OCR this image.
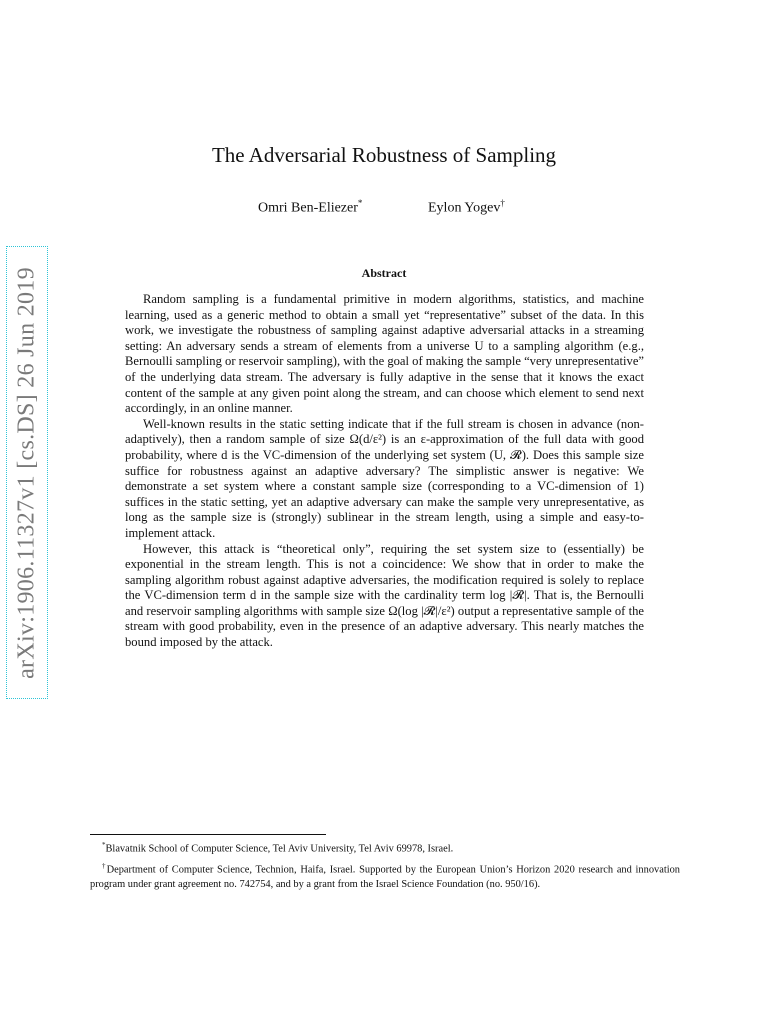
arXiv:1906.11327v1 [cs.DS] 26 Jun 2019
The Adversarial Robustness of Sampling
Omri Ben-Eliezer*	Eylon Yogev†
Abstract

Random sampling is a fundamental primitive in modern algorithms, statistics, and machine learning, used as a generic method to obtain a small yet “representative” subset of the data. In this work, we investigate the robustness of sampling against adaptive adversarial attacks in a streaming setting: An adversary sends a stream of elements from a universe U to a sampling algorithm (e.g., Bernoulli sampling or reservoir sampling), with the goal of making the sample “very unrepresentative” of the underlying data stream. The adversary is fully adaptive in the sense that it knows the exact content of the sample at any given point along the stream, and can choose which element to send next accordingly, in an online manner.

Well-known results in the static setting indicate that if the full stream is chosen in advance (non-adaptively), then a random sample of size Ω(d/ε²) is an ε-approximation of the full data with good probability, where d is the VC-dimension of the underlying set system (U, 𝓡). Does this sample size suffice for robustness against an adaptive adversary? The simplistic answer is negative: We demonstrate a set system where a constant sample size (corresponding to a VC-dimension of 1) suffices in the static setting, yet an adaptive adversary can make the sample very unrepresentative, as long as the sample size is (strongly) sublinear in the stream length, using a simple and easy-to-implement attack.

However, this attack is “theoretical only”, requiring the set system size to (essentially) be exponential in the stream length. This is not a coincidence: We show that in order to make the sampling algorithm robust against adaptive adversaries, the modification required is solely to replace the VC-dimension term d in the sample size with the cardinality term log |𝓡|. That is, the Bernoulli and reservoir sampling algorithms with sample size Ω(log |𝓡|/ε²) output a representative sample of the stream with good probability, even in the presence of an adaptive adversary. This nearly matches the bound imposed by the attack.

*Blavatnik School of Computer Science, Tel Aviv University, Tel Aviv 69978, Israel.

†Department of Computer Science, Technion, Haifa, Israel. Supported by the European Union’s Horizon 2020 research and innovation program under grant agreement no. 742754, and by a grant from the Israel Science Foundation (no. 950/16).
